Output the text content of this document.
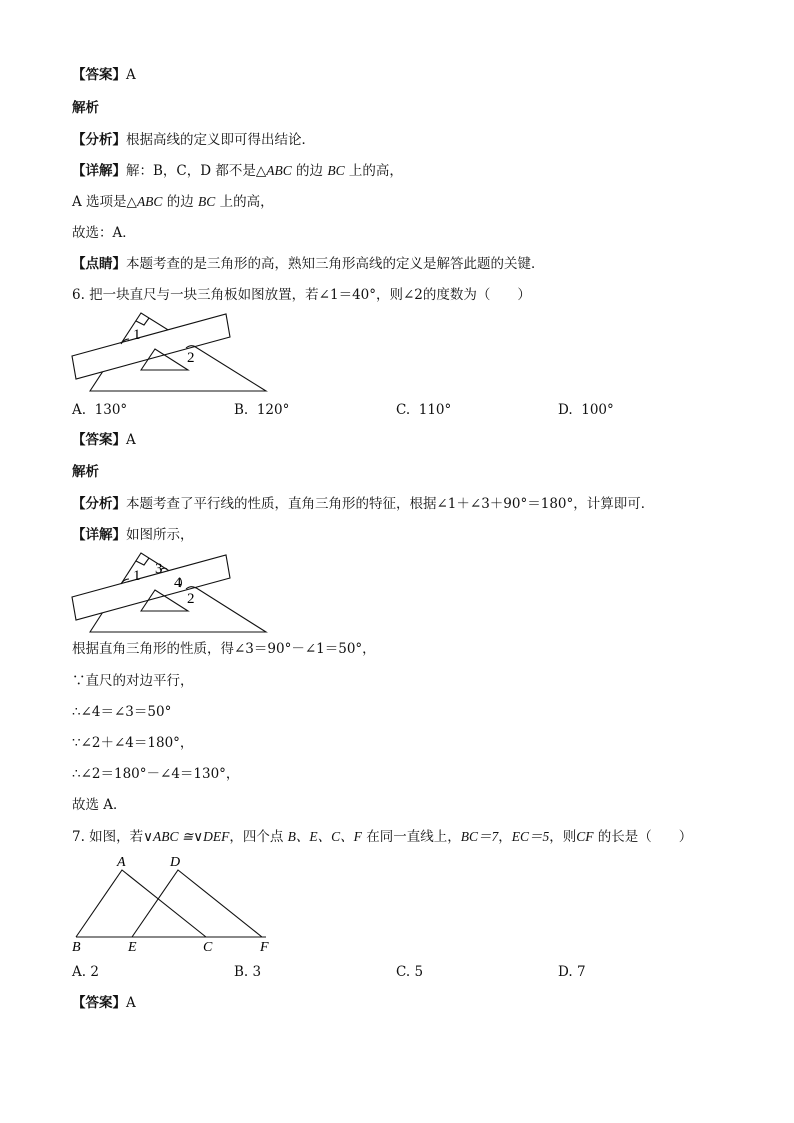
【答案】A
解析
【分析】根据高线的定义即可得出结论．
【详解】解：B，C，D 都不是△ABC 的边 BC 上的高，
A 选项是△ABC 的边 BC 上的高，
故选：A．
【点睛】本题考查的是三角形的高，熟知三角形高线的定义是解答此题的关键．
6. 把一块直尺与一块三角板如图放置，若∠1＝40°，则∠2的度数为（　　）
1
2
A. 130°	B. 120°	C. 110°	D. 100°
【答案】A
解析
【分析】本题考查了平行线的性质，直角三角形的特征，根据∠1＋∠3＋90°＝180°，计算即可．
【详解】如图所示，
1 3
4
2
根据直角三角形的性质，得∠3＝90°－∠1＝50°，
∵直尺的对边平行，
∴∠4＝∠3＝50°
∵∠2＋∠4＝180°，
∴∠2＝180°－∠4＝130°，
故选 A．
7. 如图，若∨ABC ≅∨DEF，四个点 B、E、C、F 在同一直线上，BC＝7，EC＝5，则CF 的长是（　　）
A	D
B	E	C	F
A. 2	B. 3	C. 5	D. 7
【答案】A
